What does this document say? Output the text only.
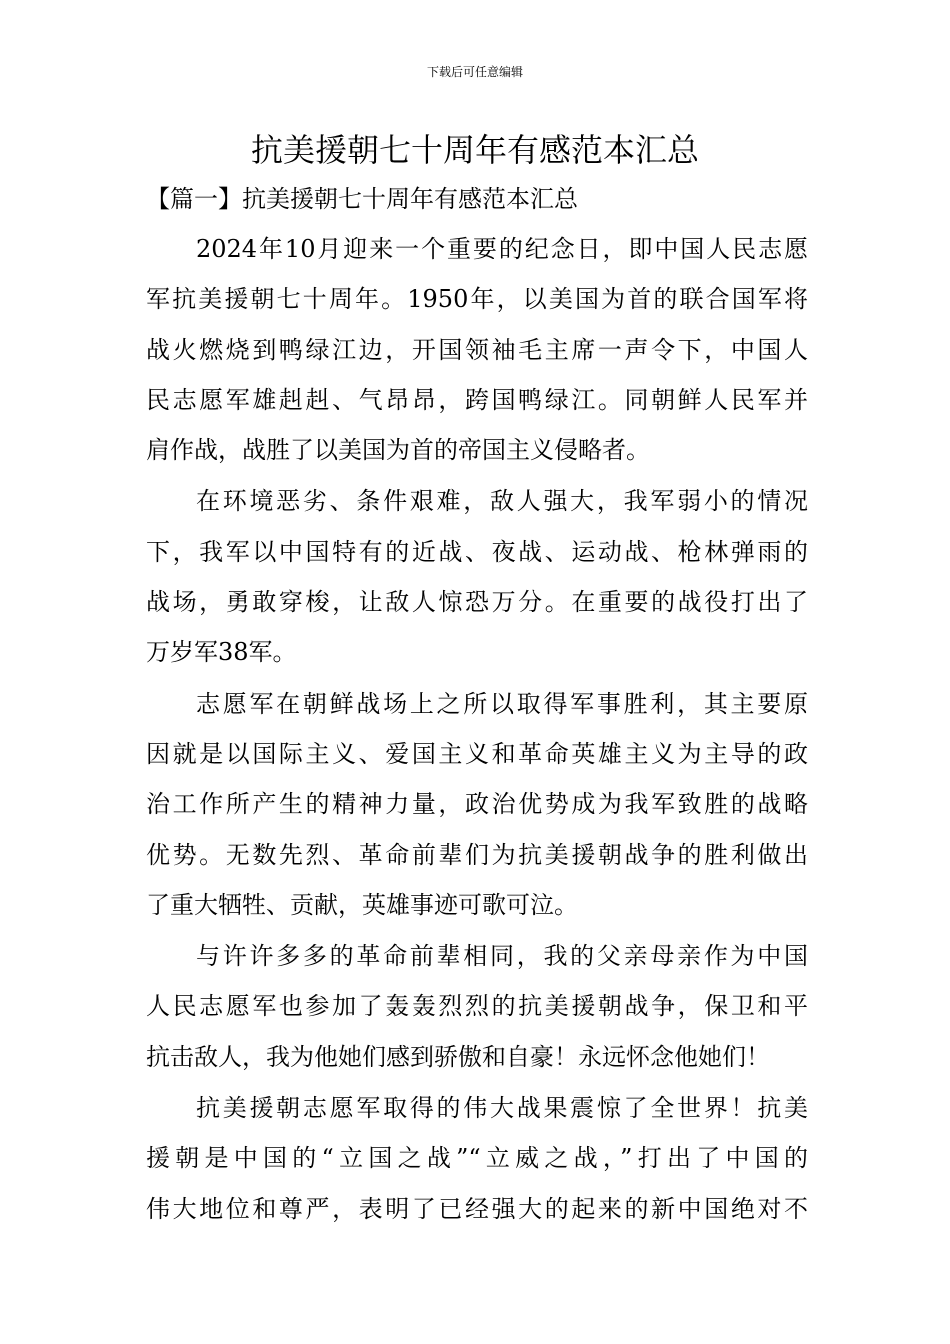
下载后可任意编辑
抗美援朝七十周年有感范本汇总
【篇一】抗美援朝七十周年有感范本汇总
2024年10月迎来一个重要的纪念日，即中国人民志愿
军抗美援朝七十周年。1950年，以美国为首的联合国军将
战火燃烧到鸭绿江边，开国领袖毛主席一声令下，中国人
民志愿军雄赳赳、气昂昂，跨国鸭绿江。同朝鲜人民军并
肩作战，战胜了以美国为首的帝国主义侵略者。
在环境恶劣、条件艰难，敌人强大，我军弱小的情况
下，我军以中国特有的近战、夜战、运动战、枪林弹雨的
战场，勇敢穿梭，让敌人惊恐万分。在重要的战役打出了
万岁军38军。
志愿军在朝鲜战场上之所以取得军事胜利，其主要原
因就是以国际主义、爱国主义和革命英雄主义为主导的政
治工作所产生的精神力量，政治优势成为我军致胜的战略
优势。无数先烈、革命前辈们为抗美援朝战争的胜利做出
了重大牺牲、贡献，英雄事迹可歌可泣。
与许许多多的革命前辈相同，我的父亲母亲作为中国
人民志愿军也参加了轰轰烈烈的抗美援朝战争，保卫和平
抗击敌人，我为他她们感到骄傲和自豪！永远怀念他她们！
抗美援朝志愿军取得的伟大战果震惊了全世界！抗美
援朝是中国的“立国之战”“立威之战，”打出了中国的
伟大地位和尊严，表明了已经强大的起来的新中国绝对不
